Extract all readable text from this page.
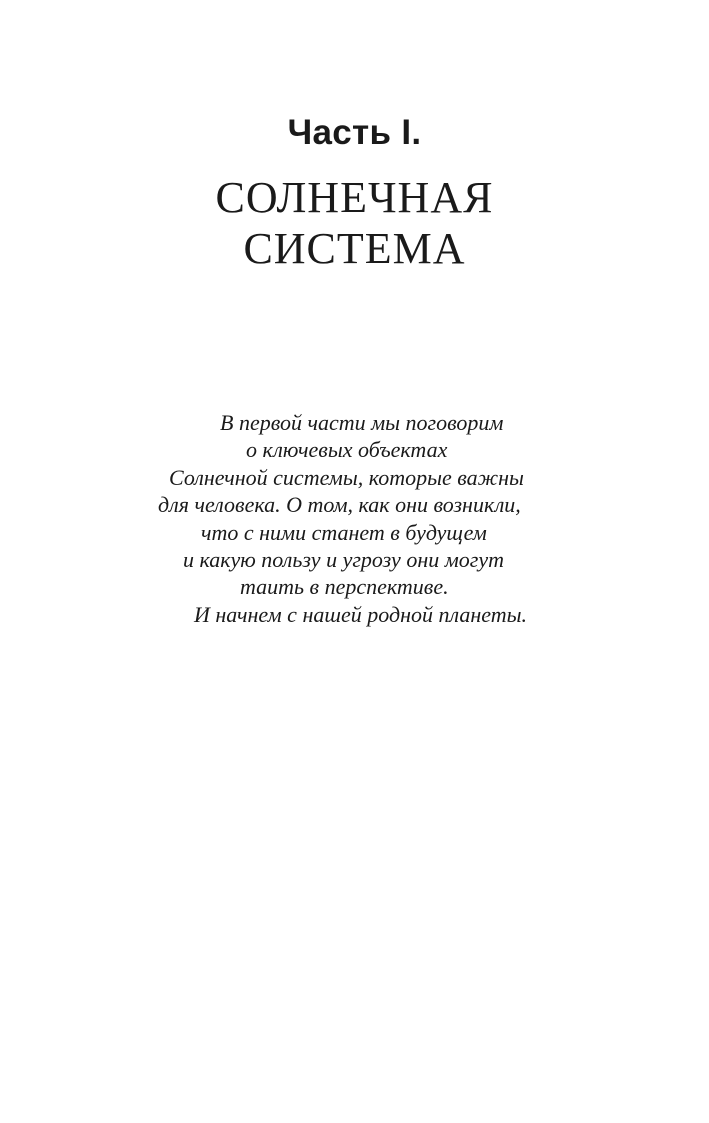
Часть I.
СОЛНЕЧНАЯ
СИСТЕМА
В первой части мы поговорим
о ключевых объектах
Солнечной системы, которые важны
для человека. О том, как они возникли,
что с ними станет в будущем
и какую пользу и угрозу они могут
таить в перспективе.
И начнем с нашей родной планеты.
